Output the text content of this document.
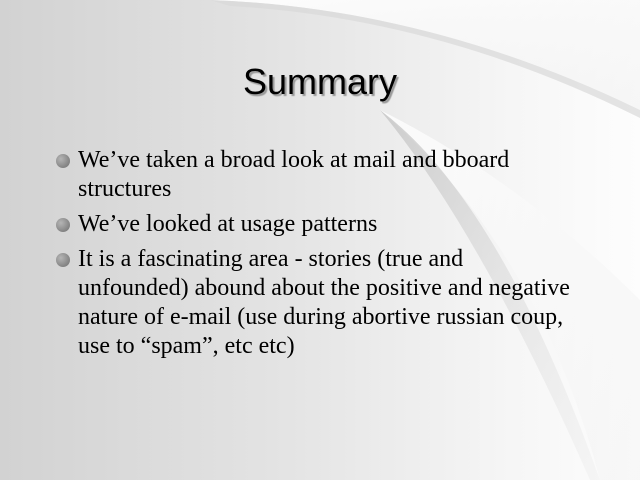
Summary
We’ve taken a broad look at mail and bboard structures
We’ve looked at usage patterns
It is a fascinating area - stories (true and unfounded) abound about the positive and negative nature of e-mail (use during abortive russian coup, use to “spam”, etc etc)
